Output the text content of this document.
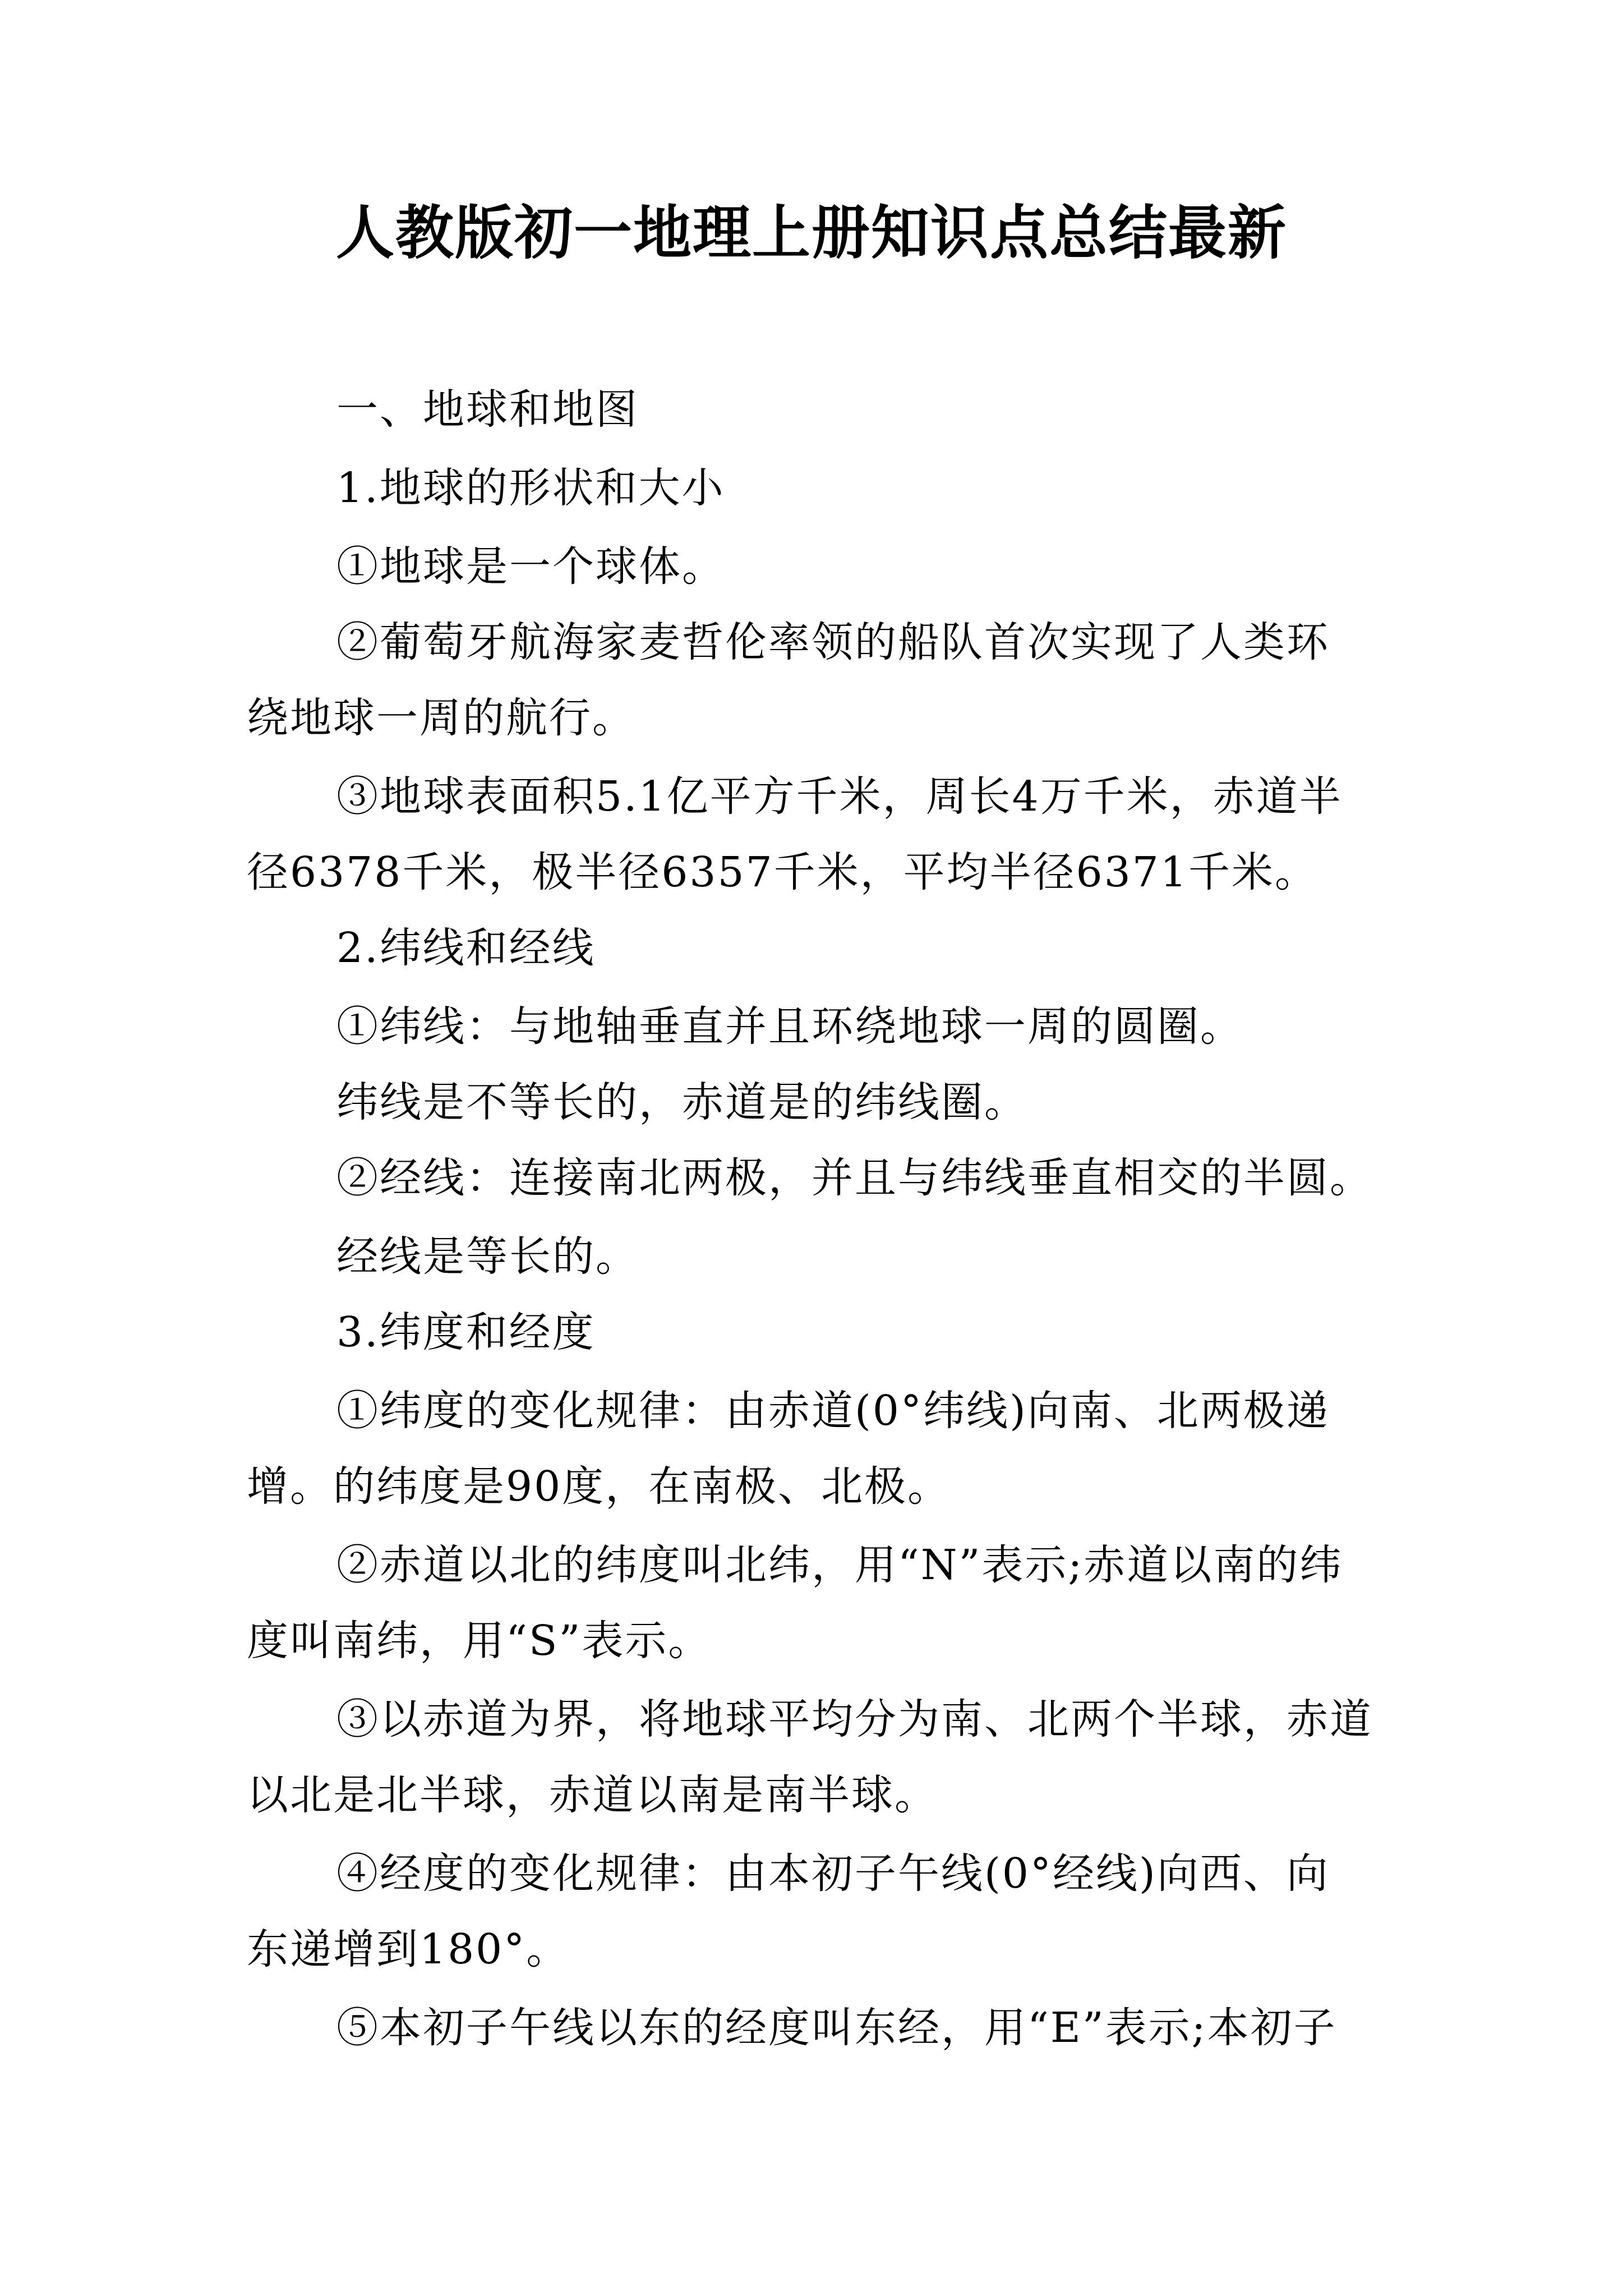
人教版初一地理上册知识点总结最新

一、地球和地图

1.地球的形状和大小

①地球是一个球体。

②葡萄牙航海家麦哲伦率领的船队首次实现了人类环

绕地球一周的航行。

③地球表面积5.1亿平方千米，周长4万千米，赤道半

径6378千米，极半径6357千米，平均半径6371千米。

2.纬线和经线

①纬线：与地轴垂直并且环绕地球一周的圆圈。

纬线是不等长的，赤道是的纬线圈。

②经线：连接南北两极，并且与纬线垂直相交的半圆。

经线是等长的。

3.纬度和经度

①纬度的变化规律：由赤道(0°纬线)向南、北两极递

增。的纬度是90度，在南极、北极。

②赤道以北的纬度叫北纬，用“N”表示;赤道以南的纬

度叫南纬，用“S”表示。

③以赤道为界，将地球平均分为南、北两个半球，赤道

以北是北半球，赤道以南是南半球。

④经度的变化规律：由本初子午线(0°经线)向西、向

东递增到180°。

⑤本初子午线以东的经度叫东经，用“E”表示;本初子
